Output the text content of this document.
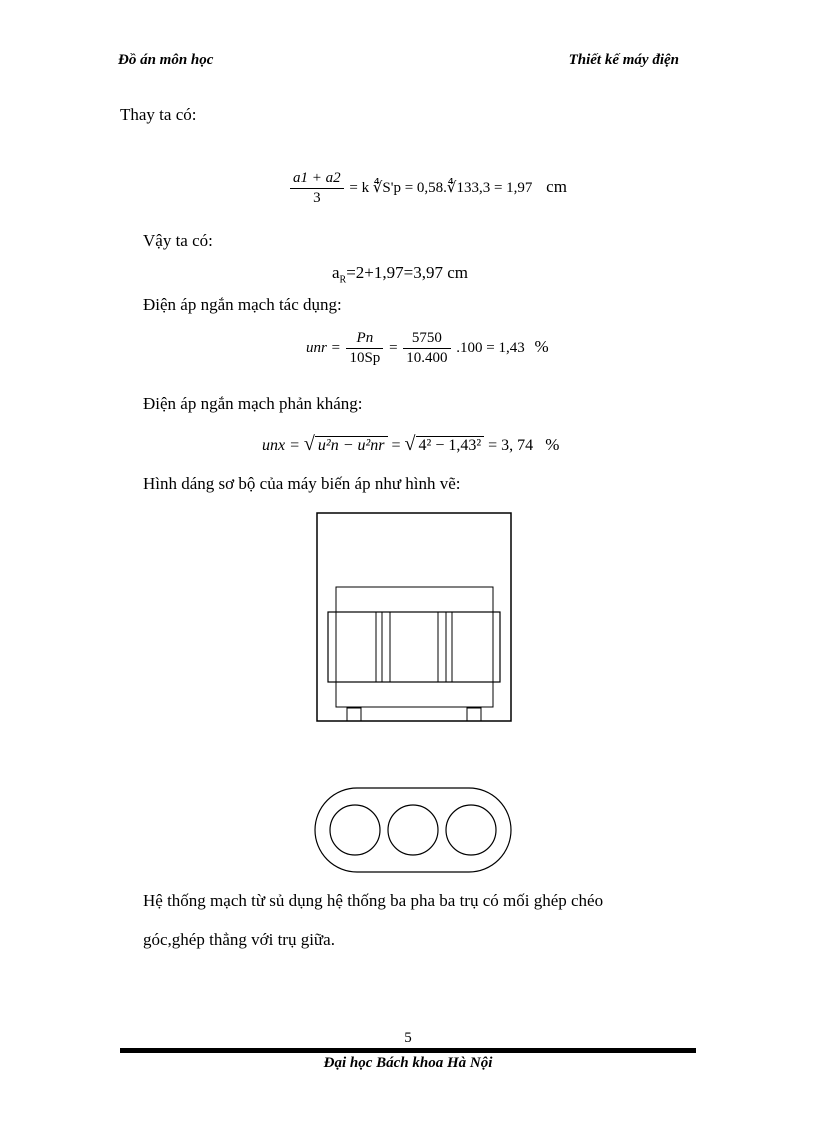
Đồ án môn học	Thiết kế máy điện
Thay ta có:
$\frac{a1 + a2}{3} = k$ ∜S'p = 0,58.∜133,3 = 1,97 cm
Vậy ta có:
$a_R=2+1,97=3,97$ cm
Điện áp ngắn mạch tác dụng:
unr = $\frac{Pn}{10Sp} = \frac{5750}{10.400} .100 = 1,43$ %
Điện áp ngắn mạch phản kháng:
unx = √ u²n − u²nr = √ 4² − 1,43² = 3, 74 %
Hình dáng sơ bộ của máy biến áp như hình vẽ:
Hệ thống mạch từ sủ dụng hệ thống ba pha ba trụ có mối ghép chéo
góc,ghép thẳng với trụ giữa.
5
Đại học Bách khoa Hà Nội
